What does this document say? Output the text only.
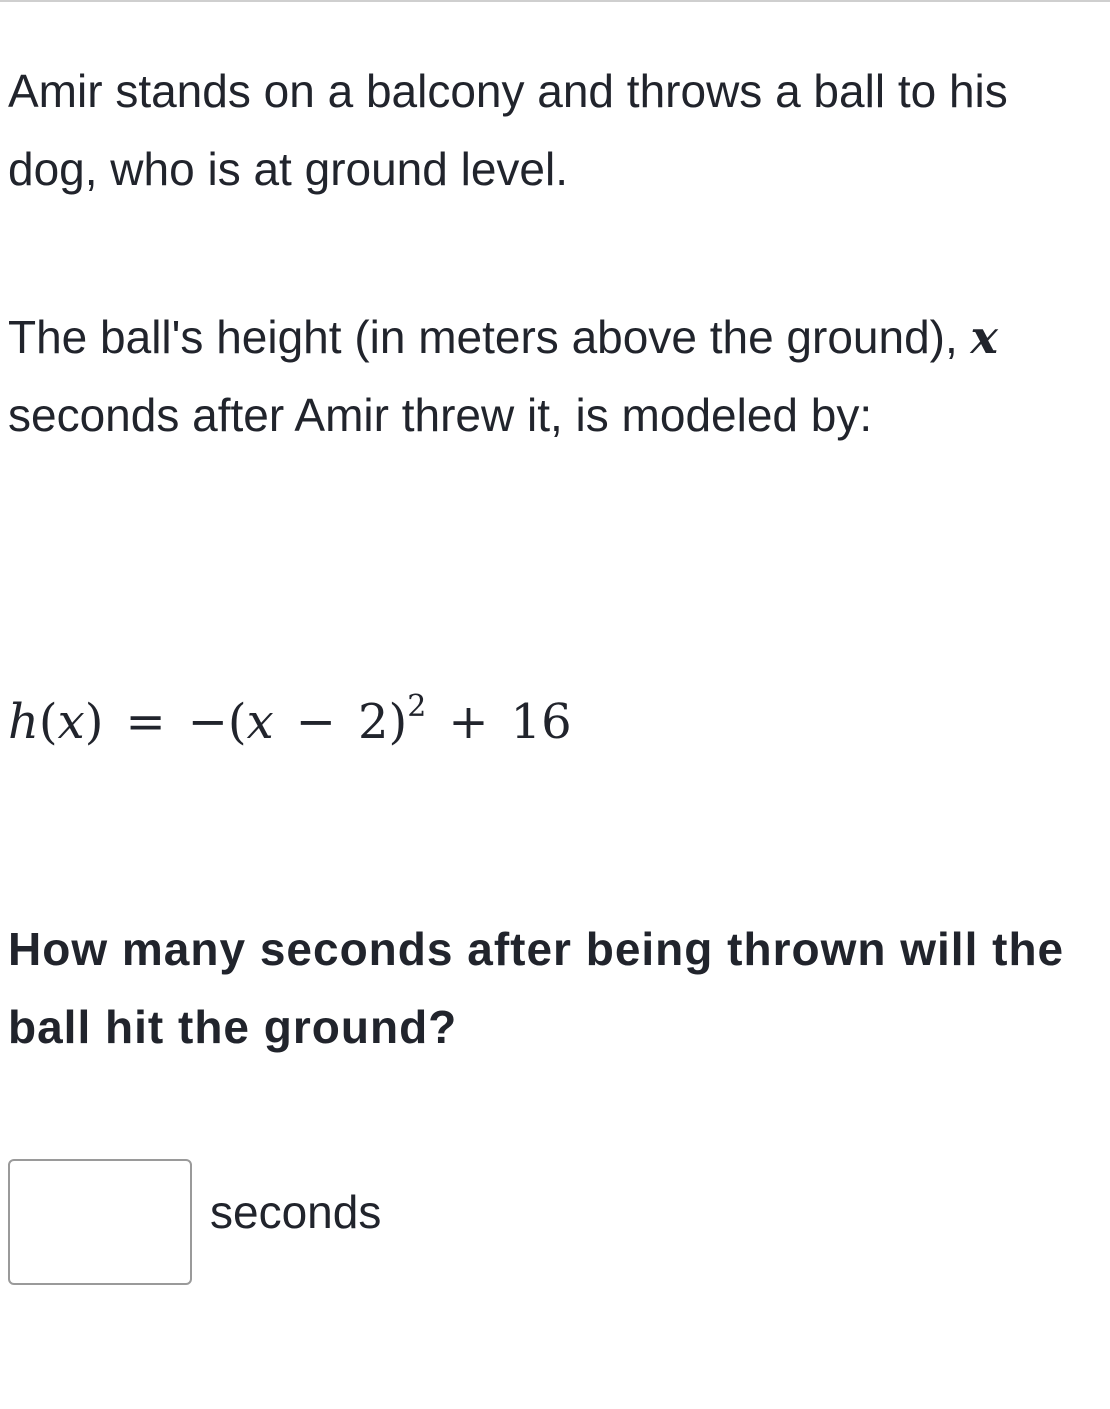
Amir stands on a balcony and throws a ball to his dog, who is at ground level.

The ball's height (in meters above the ground), x seconds after Amir threw it, is modeled by:

$h(x) = -(x - 2)^2 + 16$

How many seconds after being thrown will the ball hit the ground?

seconds
